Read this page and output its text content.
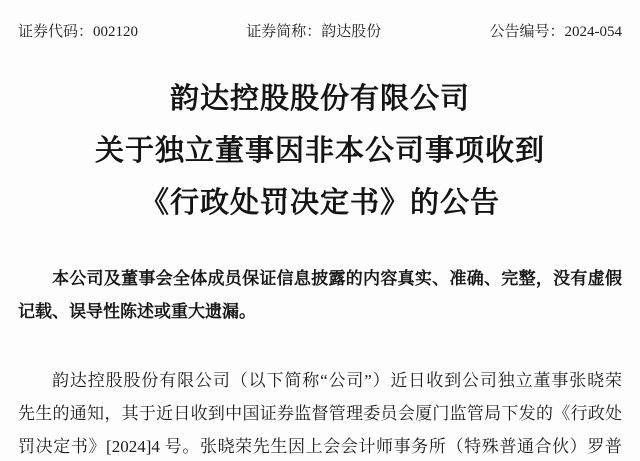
证券代码：002120	证券简称：韵达股份	公告编号：2024-054
韵达控股股份有限公司
关于独立董事因非本公司事项收到
《行政处罚决定书》的公告
本公司及董事会全体成员保证信息披露的内容真实、准确、完整，没有虚假
记载、误导性陈述或重大遗漏。
韵达控股股份有限公司（以下简称“公司”）近日收到公司独立董事张晓荣
先生的通知，其于近日收到中国证券监督管理委员会厦门监管局下发的《行政处
罚决定书》[2024]4 号。张晓荣先生因上会会计师事务所（特殊普通合伙）罗普
